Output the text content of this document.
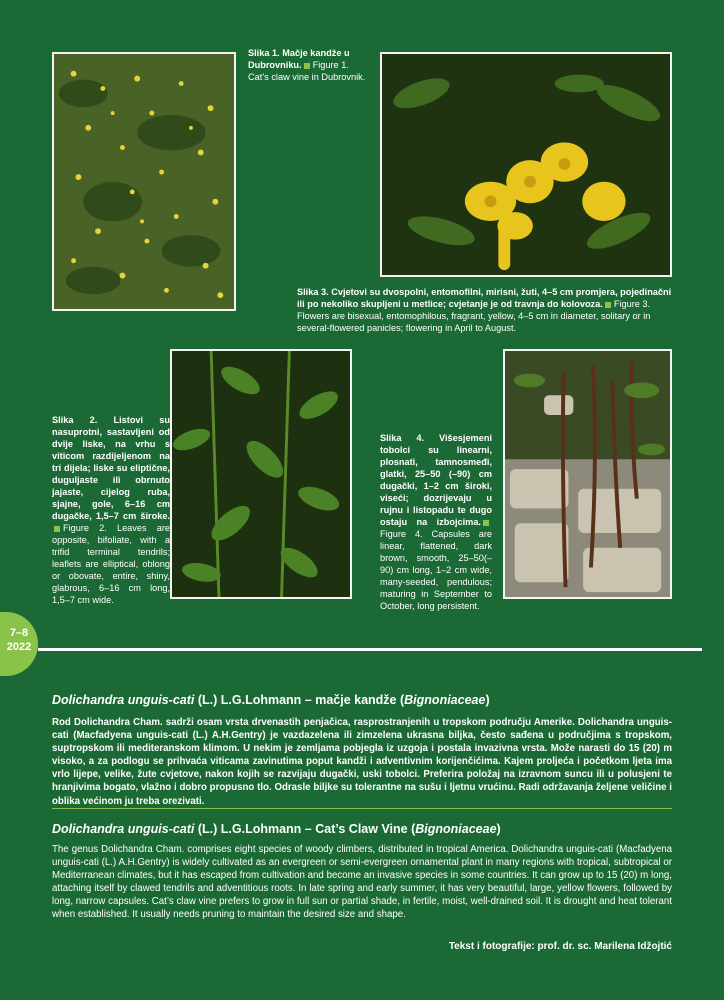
Slika 1. Mačje kandže u Dubrovniku. Figure 1. Cat’s claw vine in Dubrovnik.
Slika 3. Cvjetovi su dvospolni, entomofilni, mirisni, žuti, 4–5 cm promjera, pojedinačni ili po nekoliko skupljeni u metlice; cvjetanje je od travnja do kolovoza. Figure 3. Flowers are bisexual, entomophilous, fragrant, yellow, 4–5 cm in diameter, solitary or in several-flowered panicles; flowering in April to August.
Slika 2. Listovi su nasuprotni, sastavljeni od dvije liske, na vrhu s viticom razdijeljenom na tri dijela; liske su eliptične, duguljaste ili obrnuto jajaste, cijelog ruba, sjajne, gole, 6–16 cm dugačke, 1,5–7 cm široke.Figure 2. Leaves are opposite, bifoliate, with a trifid terminal tendrils; leaflets are elliptical, oblong or obovate, entire, shiny, glabrous, 6–16 cm long, 1,5–7 cm wide.
Slika 4. Višesjemeni tobolci su linearni, plosnati, tamnosmeđi, glatki, 25–50 (–90) cm dugački, 1–2 cm široki, viseći; dozrijevaju u rujnu i listopadu te dugo ostaju na izbojcima.Figure 4. Capsules are linear, flattened, dark brown, smooth, 25–50(–90) cm long, 1–2 cm wide, many-seeded, pendulous; maturing in September to October, long persistent.
7–8
2022
Dolichandra unguis-cati (L.) L.G.Lohmann – mačje kandže (Bignoniaceae)
Rod Dolichandra Cham. sadrži osam vrsta drvenastih penjačica, rasprostranjenih u tropskom području Amerike. Dolichandra unguis-cati (Macfadyena unguis-cati (L.) A.H.Gentry) je vazdazelena ili zimzelena ukrasna biljka, često sađena u područjima s tropskom, suptropskom ili mediteranskom klimom. U nekim je zemljama pobjegla iz uzgoja i postala invazivna vrsta. Može narasti do 15 (20) m visoko, a za podlogu se prihvaća viticama zavinutima poput kandži i adventivnim korijenčićima. Kajem proljeća i početkom ljeta ima vrlo lijepe, velike, žute cvjetove, nakon kojih se razvijaju dugački, uski tobolci. Preferira položaj na izravnom suncu ili u polusjeni te hranjivima bogato, vlažno i dobro propusno tlo. Odrasle biljke su tolerantne na sušu i ljetnu vrućinu. Radi održavanja željene veličine i oblika većinom ju treba orezivati.
Dolichandra unguis-cati (L.) L.G.Lohmann – Cat’s Claw Vine (Bignoniaceae)
The genus Dolichandra Cham. comprises eight species of woody climbers, distributed in tropical America. Dolichandra unguis-cati (Macfadyena unguis-cati (L.) A.H.Gentry) is widely cultivated as an evergreen or semi-evergreen ornamental plant in many regions with tropical, subtropical or Mediterranean climates, but it has escaped from cultivation and become an invasive species in some countries. It can grow up to 15 (20) m long, attaching itself by clawed tendrils and adventitious roots. In late spring and early summer, it has very beautiful, large, yellow flowers, followed by long, narrow capsules. Cat’s claw vine prefers to grow in full sun or partial shade, in fertile, moist, well-drained soil. It is drought and heat tolerant when established. It usually needs pruning to maintain the desired size and shape.
Tekst i fotografije: prof. dr. sc. Marilena Idžojtić
